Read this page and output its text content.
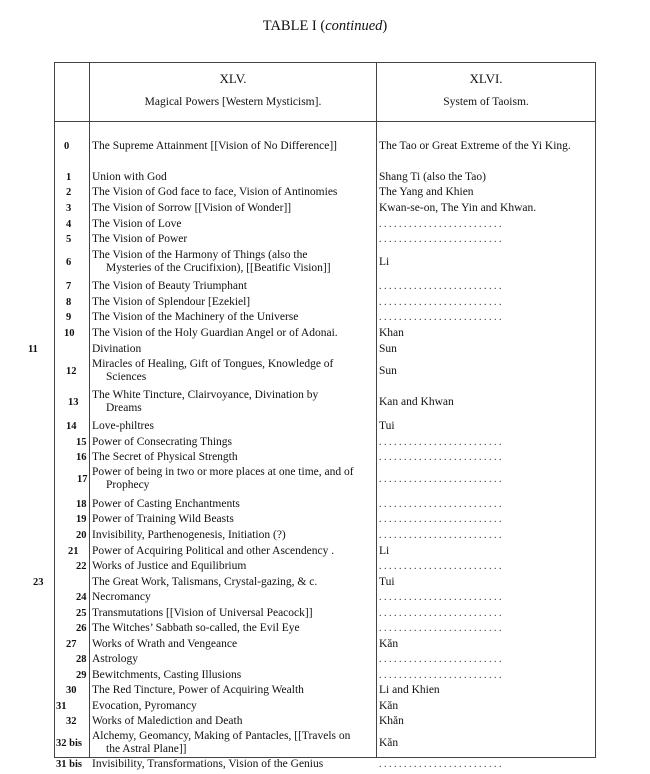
TABLE I (continued)
XLV.
Magical Powers [Western Mysticism].
XLVI.
System of Taoism.
0 The Supreme Attainment [[Vision of No Difference]]	The Tao or Great Extreme of the Yi King.
1 Union with God	Shang Ti (also the Tao)
2 The Vision of God face to face, Vision of Antinomies	The Yang and Khien
3 The Vision of Sorrow [[Vision of Wonder]]	Kwan-se-on, The Yin and Khwan.
4 The Vision of Love	. . . . . . . . . . . . . . . . . . . . . . . . .
5 The Vision of Power	. . . . . . . . . . . . . . . . . . . . . . . . .
6
The Vision of the Harmony of Things (also the
Mysteries of the Crucifixion), [[Beatific Vision]]	Li
7 The Vision of Beauty Triumphant	. . . . . . . . . . . . . . . . . . . . . . . . .
8 The Vision of Splendour [Ezekiel]	. . . . . . . . . . . . . . . . . . . . . . . . .
9 The Vision of the Machinery of the Universe	. . . . . . . . . . . . . . . . . . . . . . . . .
10 The Vision of the Holy Guardian Angel or of Adonai.	Khan
11	Divination	Sun
12
Miracles of Healing, Gift of Tongues, Knowledge of
Sciences	Sun
13
The White Tincture, Clairvoyance, Divination by
Dreams	Kan and Khwan
14 Love-philtres	Tui
15 Power of Consecrating Things	. . . . . . . . . . . . . . . . . . . . . . . . .
16 The Secret of Physical Strength	. . . . . . . . . . . . . . . . . . . . . . . . .
17
Power of being in two or more places at one time, and of
Prophecy	. . . . . . . . . . . . . . . . . . . . . . . . .
18 Power of Casting Enchantments	. . . . . . . . . . . . . . . . . . . . . . . . .
19 Power of Training Wild Beasts	. . . . . . . . . . . . . . . . . . . . . . . . .
20 Invisibility, Parthenogenesis, Initiation (?)	. . . . . . . . . . . . . . . . . . . . . . . . .
21 Power of Acquiring Political and other Ascendency .	Li
22 Works of Justice and Equilibrium	. . . . . . . . . . . . . . . . . . . . . . . . .
23	The Great Work, Talismans, Crystal-gazing, & c.	Tui
24 Necromancy	. . . . . . . . . . . . . . . . . . . . . . . . .
25 Transmutations [[Vision of Universal Peacock]]	. . . . . . . . . . . . . . . . . . . . . . . . .
26 The Witches’ Sabbath so-called, the Evil Eye	. . . . . . . . . . . . . . . . . . . . . . . . .
27 Works of Wrath and Vengeance	Kăn
28 Astrology	. . . . . . . . . . . . . . . . . . . . . . . . .
29 Bewitchments, Casting Illusions	. . . . . . . . . . . . . . . . . . . . . . . . .
30 The Red Tincture, Power of Acquiring Wealth	Li and Khien
31 Evocation, Pyromancy	Kăn
32 Works of Malediction and Death	Khăn
32 bis
Alchemy, Geomancy, Making of Pantacles, [[Travels on
the Astral Plane]]	Kăn
31 bis Invisibility, Transformations, Vision of the Genius	. . . . . . . . . . . . . . . . . . . . . . . . .
